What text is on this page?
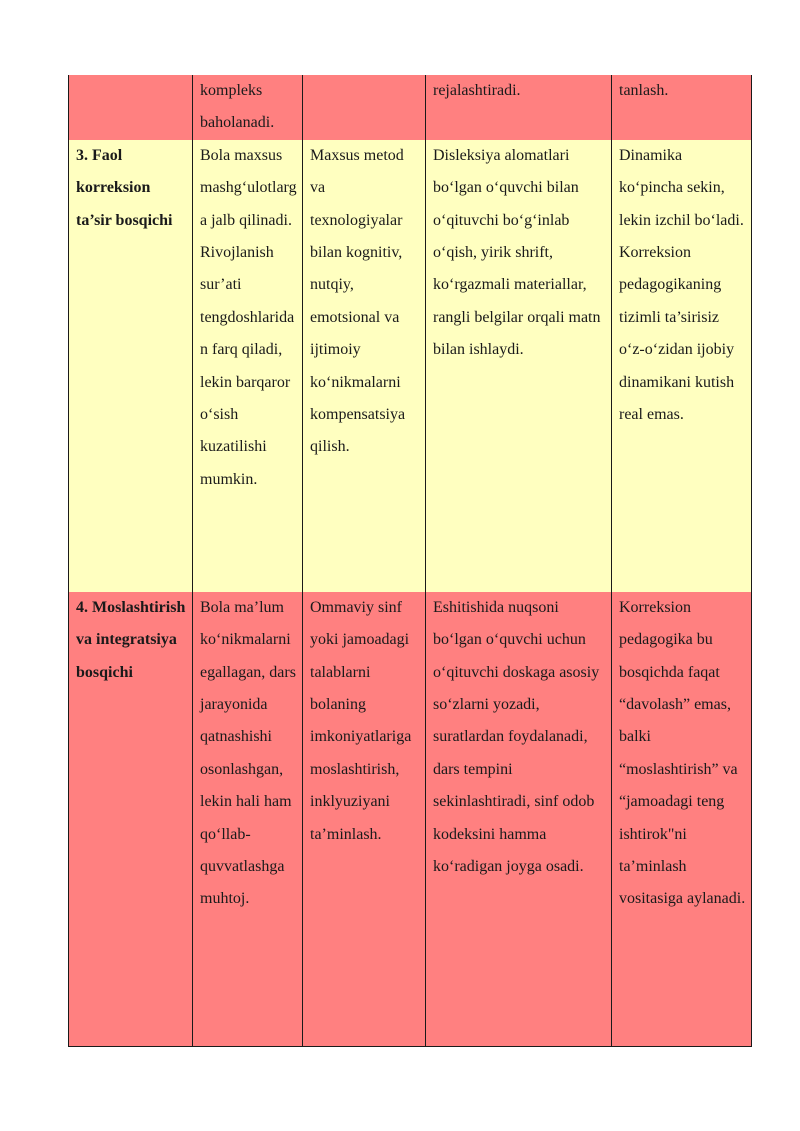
	kompleks baholanadi.		rejalashtiradi.	tanlash.
3. Faol korreksion ta’sir bosqichi	Bola maxsus mashg‘ulotlarga jalb qilinadi. Rivojlanish sur’ati tengdoshlaridan farq qiladi, lekin barqaror o‘sish kuzatilishi mumkin.	Maxsus metod va texnologiyalar bilan kognitiv, nutqiy, emotsional va ijtimoiy ko‘nikmalarni kompensatsiya qilish.	Disleksiya alomatlari bo‘lgan o‘quvchi bilan o‘qituvchi bo‘g‘inlab o‘qish, yirik shrift, ko‘rgazmali materiallar, rangli belgilar orqali matn bilan ishlaydi.	Dinamika ko‘pincha sekin, lekin izchil bo‘ladi. Korreksion pedagogikaning tizimli ta’sirisiz o‘z-o‘zidan ijobiy dinamikani kutish real emas.
4. Moslashtirish va integratsiya bosqichi	Bola ma’lum ko‘nikmalarni egallagan, dars jarayonida qatnashishi osonlashgan, lekin hali ham qo‘llab-quvvatlashga muhtoj.	Ommaviy sinf yoki jamoadagi talablarni bolaning imkoniyatlariga moslashtirish, inklyuziyani ta’minlash.	Eshitishida nuqsoni bo‘lgan o‘quvchi uchun o‘qituvchi doskaga asosiy so‘zlarni yozadi, suratlardan foydalanadi, dars tempini sekinlashtiradi, sinf odob kodeksini hamma ko‘radigan joyga osadi.	Korreksion pedagogika bu bosqichda faqat “davolash” emas, balki “moslashtirish” va “jamoadagi teng ishtirok"ni ta’minlash vositasiga aylanadi.
